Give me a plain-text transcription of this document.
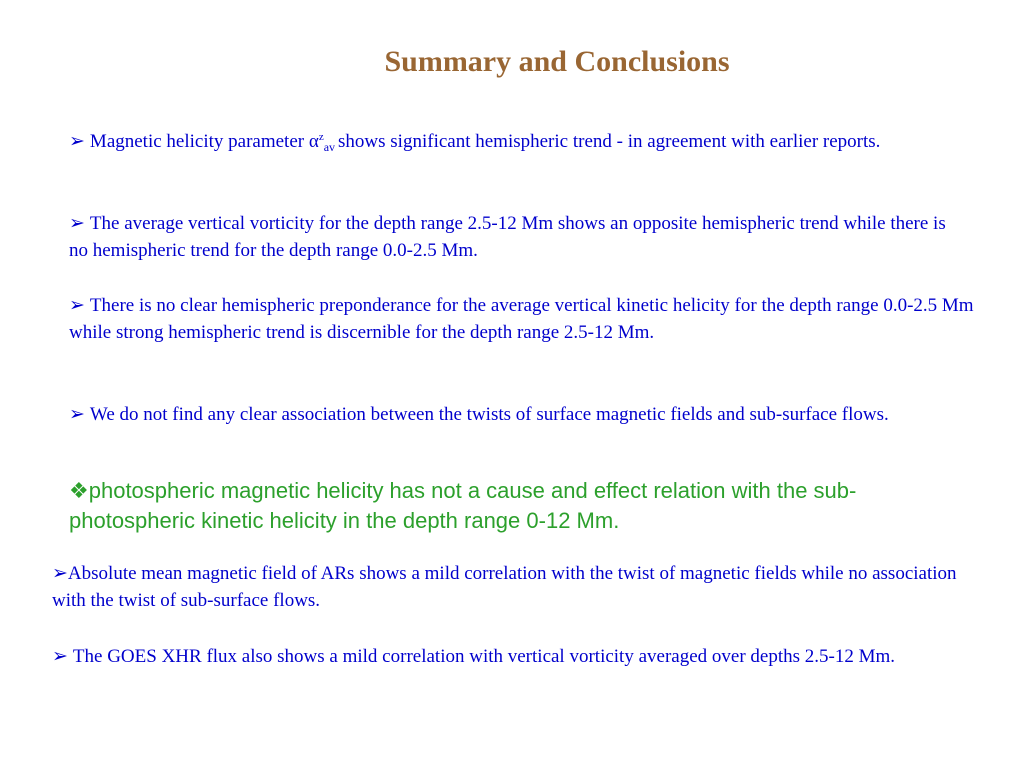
Summary and Conclusions

➢ Magnetic helicity parameter $\alpha^z_{av}$ shows significant hemispheric trend - in agreement with earlier reports.

➢ The average vertical vorticity for the depth range 2.5-12 Mm shows an opposite hemispheric trend while there is no hemispheric trend for the depth range 0.0-2.5 Mm.

➢ There is no clear hemispheric preponderance for the average vertical kinetic helicity for the depth range 0.0-2.5 Mm while strong hemispheric trend is discernible for the depth range 2.5-12 Mm.

➢ We do not find any clear association between the twists of surface magnetic fields and sub-surface flows.

❖photospheric magnetic helicity has not a cause and effect relation with the sub-photospheric kinetic helicity in the depth range 0-12 Mm.

➢Absolute mean magnetic field of ARs shows a mild correlation with the twist of magnetic fields while no association with the twist of sub-surface flows.

➢ The GOES XHR flux also shows a mild correlation with vertical vorticity averaged over depths 2.5-12 Mm.
